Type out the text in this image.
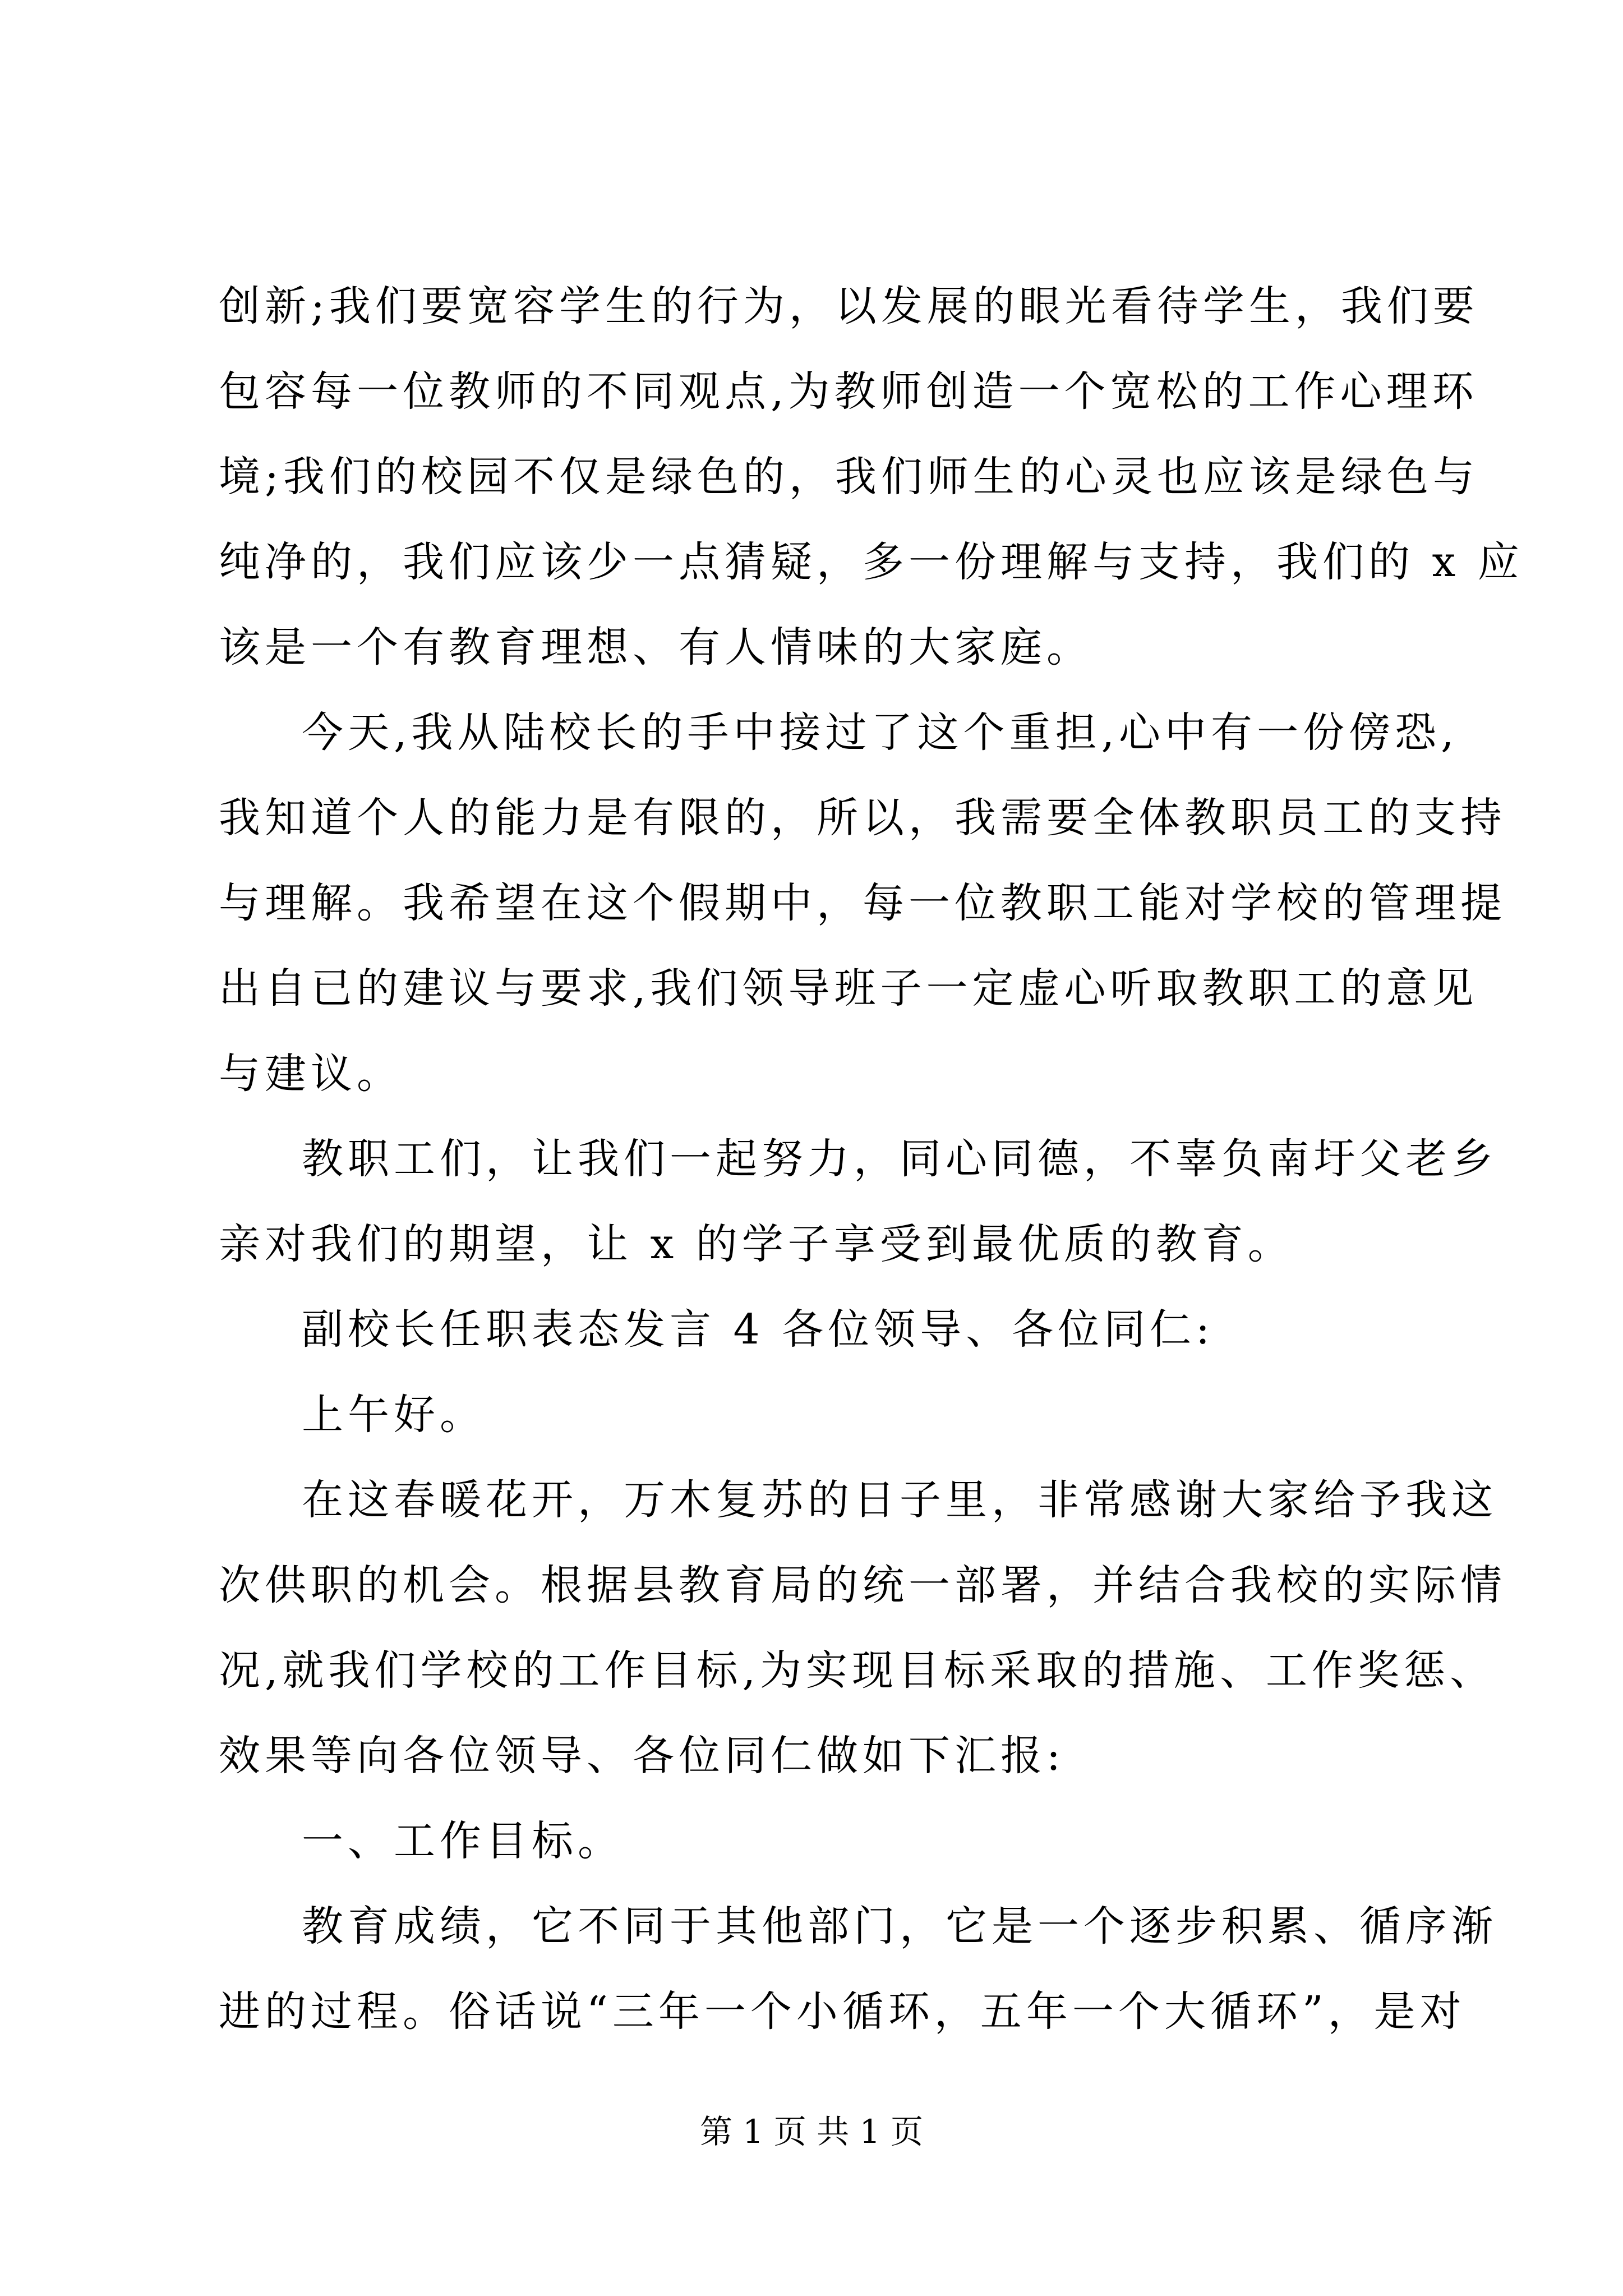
创新;我们要宽容学生的行为，以发展的眼光看待学生，我们要
包容每一位教师的不同观点,为教师创造一个宽松的工作心理环
境;我们的校园不仅是绿色的，我们师生的心灵也应该是绿色与
纯净的，我们应该少一点猜疑，多一份理解与支持，我们的 x 应
该是一个有教育理想、有人情味的大家庭。
今天,我从陆校长的手中接过了这个重担,心中有一份傍恐,
我知道个人的能力是有限的，所以，我需要全体教职员工的支持
与理解。我希望在这个假期中，每一位教职工能对学校的管理提
出自已的建议与要求,我们领导班子一定虚心听取教职工的意见
与建议。
教职工们，让我们一起努力，同心同德，不辜负南圩父老乡
亲对我们的期望，让 x 的学子享受到最优质的教育。
副校长任职表态发言 4 各位领导、各位同仁:
上午好。
在这春暖花开，万木复苏的日子里，非常感谢大家给予我这
次供职的机会。根据县教育局的统一部署，并结合我校的实际情
况,就我们学校的工作目标,为实现目标采取的措施、工作奖惩、
效果等向各位领导、各位同仁做如下汇报:
一、工作目标。
教育成绩，它不同于其他部门，它是一个逐步积累、循序渐
进的过程。俗话说“三年一个小循环，五年一个大循环”，是对
第 1 页 共 1 页
